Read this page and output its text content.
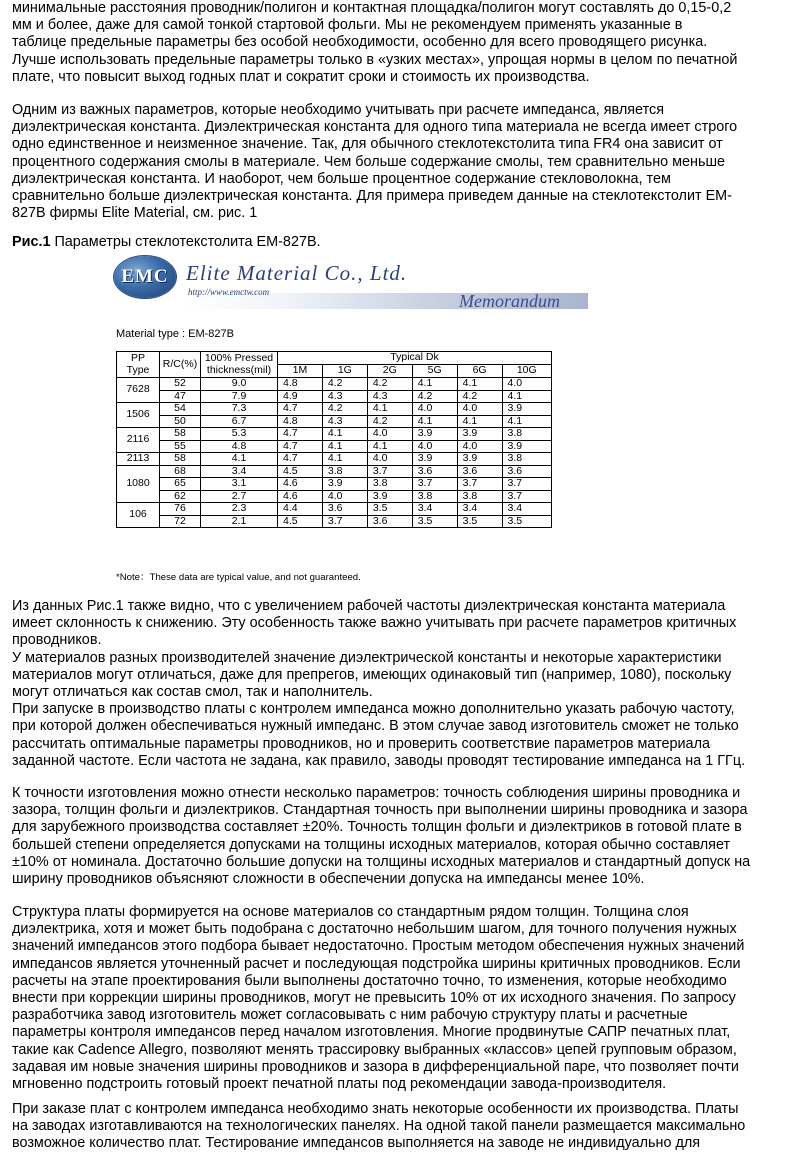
минимальные расстояния проводник/полигон и контактная площадка/полигон могут составлять до 0,15-0,2
мм и более, даже для самой тонкой стартовой фольги. Мы не рекомендуем применять указанные в
таблице предельные параметры без особой необходимости, особенно для всего проводящего рисунка.
Лучше использовать предельные параметры только в «узких местах», упрощая нормы в целом по печатной
плате, что повысит выход годных плат и сократит сроки и стоимость их производства.

Одним из важных параметров, которые необходимо учитывать при расчете импеданса, является
диэлектрическая константа. Диэлектрическая константа для одного типа материала не всегда имеет строго
одно единственное и неизменное значение. Так, для обычного стеклотекстолита типа FR4 она зависит от
процентного содержания смолы в материале. Чем больше содержание смолы, тем сравнительно меньше
диэлектрическая константа. И наоборот, чем больше процентное содержание стекловолокна, тем
сравнительно больше диэлектрическая константа. Для примера приведем данные на стеклотекстолит EM-
827B фирмы Elite Material, см. рис. 1

Рис.1 Параметры стеклотекстолита EM-827B.
EMC Elite Material Co., Ltd.
Memorandum
http://www.emctw.com
Material type : EM-827B
PP Type	R/C(%)	100% Pressed thickness(mil)	Typical Dk					
			1M	1G	2G	5G	6G	10G
7628	52	9.0	4.8	4.2	4.2	4.1	4.1	4.0
	47	7.9	4.9	4.3	4.3	4.2	4.2	4.1
1506	54	7.3	4.7	4.2	4.1	4.0	4.0	3.9
	50	6.7	4.8	4.3	4.2	4.1	4.1	4.1
2116	58	5.3	4.7	4.1	4.0	3.9	3.9	3.8
	55	4.8	4.7	4.1	4.1	4.0	4.0	3.9
2113	58	4.1	4.7	4.1	4.0	3.9	3.9	3.8
1080	68	3.4	4.5	3.8	3.7	3.6	3.6	3.6
	65	3.1	4.6	3.9	3.8	3.7	3.7	3.7
	62	2.7	4.6	4.0	3.9	3.8	3.8	3.7
106	76	2.3	4.4	3.6	3.5	3.4	3.4	3.4
	72	2.1	4.5	3.7	3.6	3.5	3.5	3.5
*Note：These data are typical value, and not guaranteed.

Из данных Рис.1 также видно, что с увеличением рабочей частоты диэлектрическая константа материала
имеет склонность к снижению. Эту особенность также важно учитывать при расчете параметров критичных
проводников.
У материалов разных производителей значение диэлектрической константы и некоторые характеристики
материалов могут отличаться, даже для препрегов, имеющих одинаковый тип (например, 1080), поскольку
могут отличаться как состав смол, так и наполнитель.
При запуске в производство платы с контролем импеданса можно дополнительно указать рабочую частоту,
при которой должен обеспечиваться нужный импеданс. В этом случае завод изготовитель сможет не только
рассчитать оптимальные параметры проводников, но и проверить соответствие параметров материала
заданной частоте. Если частота не задана, как правило, заводы проводят тестирование импеданса на 1 ГГц.

К точности изготовления можно отнести несколько параметров: точность соблюдения ширины проводника и
зазора, толщин фольги и диэлектриков. Стандартная точность при выполнении ширины проводника и зазора
для зарубежного производства составляет ±20%. Точность толщин фольги и диэлектриков в готовой плате в
большей степени определяется допусками на толщины исходных материалов, которая обычно составляет
±10% от номинала. Достаточно большие допуски на толщины исходных материалов и стандартный допуск на
ширину проводников объясняют сложности в обеспечении допуска на импедансы менее 10%.

Структура платы формируется на основе материалов со стандартным рядом толщин. Толщина слоя
диэлектрика, хотя и может быть подобрана с достаточно небольшим шагом, для точного получения нужных
значений импедансов этого подбора бывает недостаточно. Простым методом обеспечения нужных значений
импедансов является уточненный расчет и последующая подстройка ширины критичных проводников. Если
расчеты на этапе проектирования были выполнены достаточно точно, то изменения, которые необходимо
внести при коррекции ширины проводников, могут не превысить 10% от их исходного значения. По запросу
разработчика завод изготовитель может согласовывать с ним рабочую структуру платы и расчетные
параметры контроля импедансов перед началом изготовления. Многие продвинутые САПР печатных плат,
такие как Cadence Allegro, позволяют менять трассировку выбранных «классов» цепей групповым образом,
задавая им новые значения ширины проводников и зазора в дифференциальной паре, что позволяет почти
мгновенно подстроить готовый проект печатной платы под рекомендации завода-производителя.

При заказе плат с контролем импеданса необходимо знать некоторые особенности их производства. Платы
на заводах изготавливаются на технологических панелях. На одной такой панели размещается максимально
возможное количество плат. Тестирование импедансов выполняется на заводе не индивидуально для
